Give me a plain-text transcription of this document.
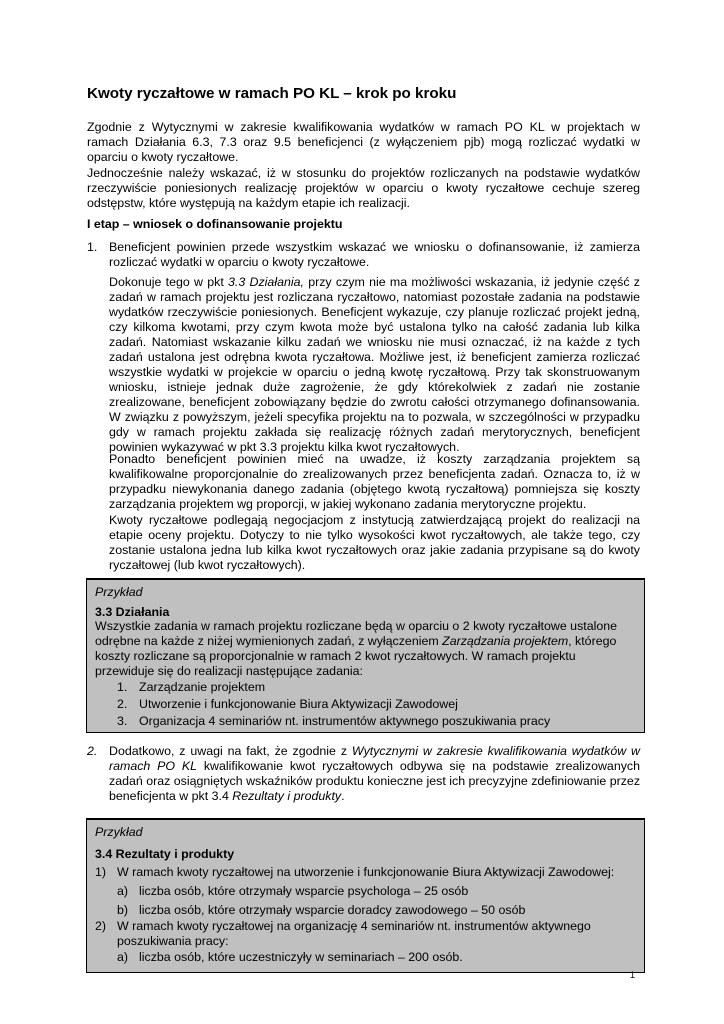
Kwoty ryczałtowe w ramach PO KL – krok po kroku
Zgodnie z Wytycznymi w zakresie kwalifikowania wydatków w ramach PO KL w projektach w ramach Działania 6.3, 7.3 oraz 9.5 beneficjenci (z wyłączeniem pjb) mogą rozliczać wydatki w oparciu o kwoty ryczałtowe.
Jednocześnie należy wskazać, iż w stosunku do projektów rozliczanych na podstawie wydatków rzeczywiście poniesionych realizację projektów w oparciu o kwoty ryczałtowe cechuje szereg odstępstw, które występują na każdym etapie ich realizacji.
I etap – wniosek o dofinansowanie projektu
1. Beneficjent powinien przede wszystkim wskazać we wniosku o dofinansowanie, iż zamierza rozliczać wydatki w oparciu o kwoty ryczałtowe.
Dokonuje tego w pkt 3.3 Działania, przy czym nie ma możliwości wskazania, iż jedynie część z zadań w ramach projektu jest rozliczana ryczałtowo, natomiast pozostałe zadania na podstawie wydatków rzeczywiście poniesionych. Beneficjent wykazuje, czy planuje rozliczać projekt jedną, czy kilkoma kwotami, przy czym kwota może być ustalona tylko na całość zadania lub kilka zadań. Natomiast wskazanie kilku zadań we wniosku nie musi oznaczać, iż na każde z tych zadań ustalona jest odrębna kwota ryczałtowa. Możliwe jest, iż beneficjent zamierza rozliczać wszystkie wydatki w projekcie w oparciu o jedną kwotę ryczałtową. Przy tak skonstruowanym wniosku, istnieje jednak duże zagrożenie, że gdy którekolwiek z zadań nie zostanie zrealizowane, beneficjent zobowiązany będzie do zwrotu całości otrzymanego dofinansowania. W związku z powyższym, jeżeli specyfika projektu na to pozwala, w szczególności w przypadku gdy w ramach projektu zakłada się realizację różnych zadań merytorycznych, beneficjent powinien wykazywać w pkt 3.3 projektu kilka kwot ryczałtowych.
Ponadto beneficjent powinien mieć na uwadze, iż koszty zarządzania projektem są kwalifikowalne proporcjonalnie do zrealizowanych przez beneficjenta zadań. Oznacza to, iż w przypadku niewykonania danego zadania (objętego kwotą ryczałtową) pomniejsza się koszty zarządzania projektem wg proporcji, w jakiej wykonano zadania merytoryczne projektu.
Kwoty ryczałtowe podlegają negocjacjom z instytucją zatwierdzającą projekt do realizacji na etapie oceny projektu. Dotyczy to nie tylko wysokości kwot ryczałtowych, ale także tego, czy zostanie ustalona jedna lub kilka kwot ryczałtowych oraz jakie zadania przypisane są do kwoty ryczałtowej (lub kwot ryczałtowych).
Przykład
3.3 Działania
Wszystkie zadania w ramach projektu rozliczane będą w oparciu o 2 kwoty ryczałtowe ustalone odrębne na każde z niżej wymienionych zadań, z wyłączeniem Zarządzania projektem, którego koszty rozliczane są proporcjonalnie w ramach 2 kwot ryczałtowych. W ramach projektu przewiduje się do realizacji następujące zadania:
1. Zarządzanie projektem
2. Utworzenie i funkcjonowanie Biura Aktywizacji Zawodowej
3. Organizacja 4 seminariów nt. instrumentów aktywnego poszukiwania pracy
2. Dodatkowo, z uwagi na fakt, że zgodnie z Wytycznymi w zakresie kwalifikowania wydatków w ramach PO KL kwalifikowanie kwot ryczałtowych odbywa się na podstawie zrealizowanych zadań oraz osiągniętych wskaźników produktu konieczne jest ich precyzyjne zdefiniowanie przez beneficjenta w pkt 3.4 Rezultaty i produkty.
Przykład
3.4 Rezultaty i produkty
1) W ramach kwoty ryczałtowej na utworzenie i funkcjonowanie Biura Aktywizacji Zawodowej:
a) liczba osób, które otrzymały wsparcie psychologa – 25 osób
b) liczba osób, które otrzymały wsparcie doradcy zawodowego – 50 osób
2) W ramach kwoty ryczałtowej na organizację 4 seminariów nt. instrumentów aktywnego poszukiwania pracy:
a) liczba osób, które uczestniczyły w seminariach – 200 osób.
1
